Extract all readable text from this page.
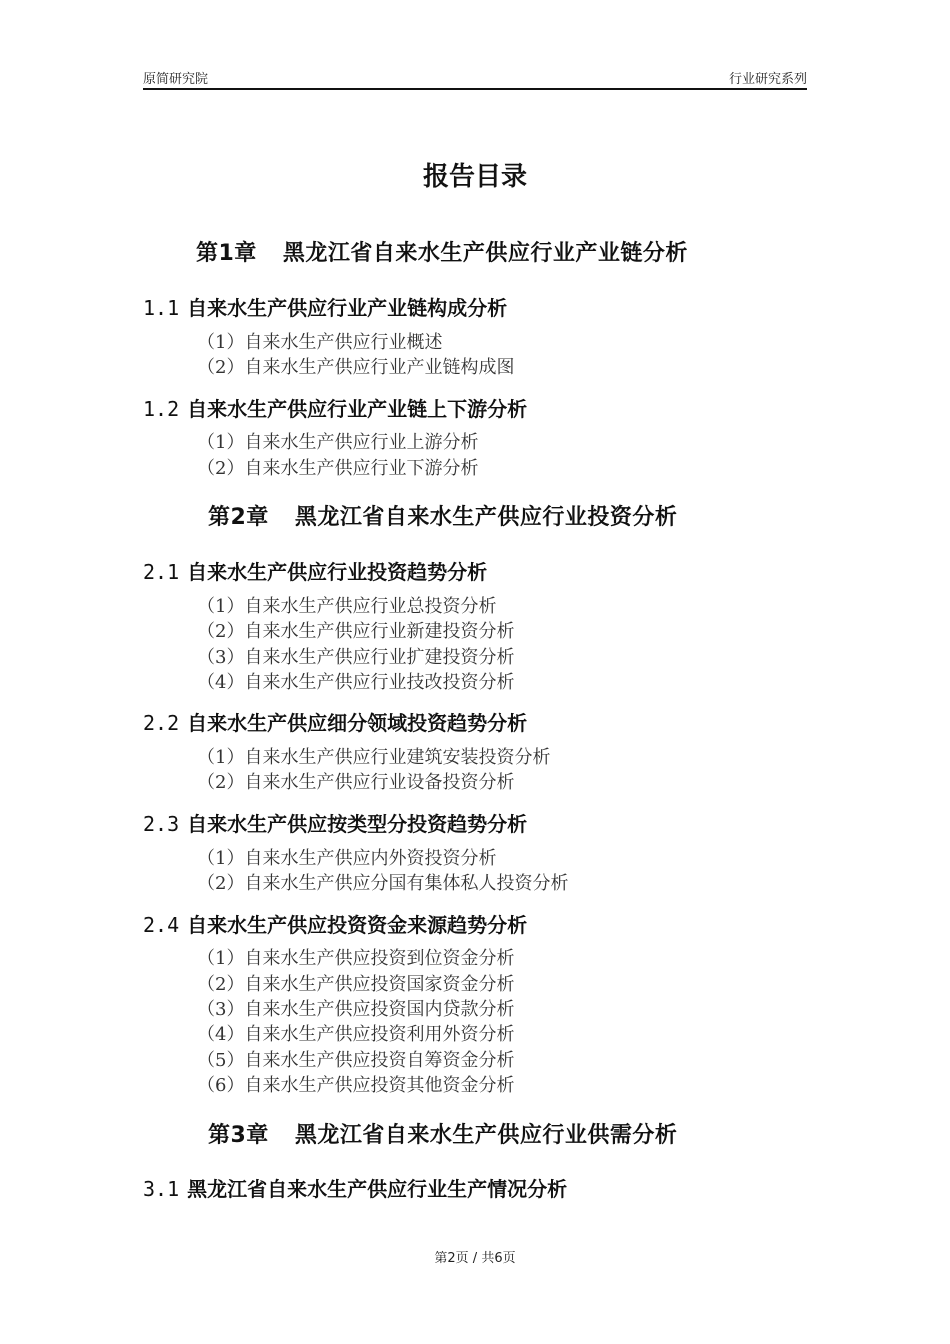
原简研究院	行业研究系列
报告目录
第1章 黑龙江省自来水生产供应行业产业链分析
1.1 自来水生产供应行业产业链构成分析
（1）自来水生产供应行业概述
（2）自来水生产供应行业产业链构成图
1.2 自来水生产供应行业产业链上下游分析
（1）自来水生产供应行业上游分析
（2）自来水生产供应行业下游分析
第2章 黑龙江省自来水生产供应行业投资分析
2.1 自来水生产供应行业投资趋势分析
（1）自来水生产供应行业总投资分析
（2）自来水生产供应行业新建投资分析
（3）自来水生产供应行业扩建投资分析
（4）自来水生产供应行业技改投资分析
2.2 自来水生产供应细分领域投资趋势分析
（1）自来水生产供应行业建筑安装投资分析
（2）自来水生产供应行业设备投资分析
2.3 自来水生产供应按类型分投资趋势分析
（1）自来水生产供应内外资投资分析
（2）自来水生产供应分国有集体私人投资分析
2.4 自来水生产供应投资资金来源趋势分析
（1）自来水生产供应投资到位资金分析
（2）自来水生产供应投资国家资金分析
（3）自来水生产供应投资国内贷款分析
（4）自来水生产供应投资利用外资分析
（5）自来水生产供应投资自筹资金分析
（6）自来水生产供应投资其他资金分析
第3章 黑龙江省自来水生产供应行业供需分析
3.1 黑龙江省自来水生产供应行业生产情况分析
第2页 / 共6页
